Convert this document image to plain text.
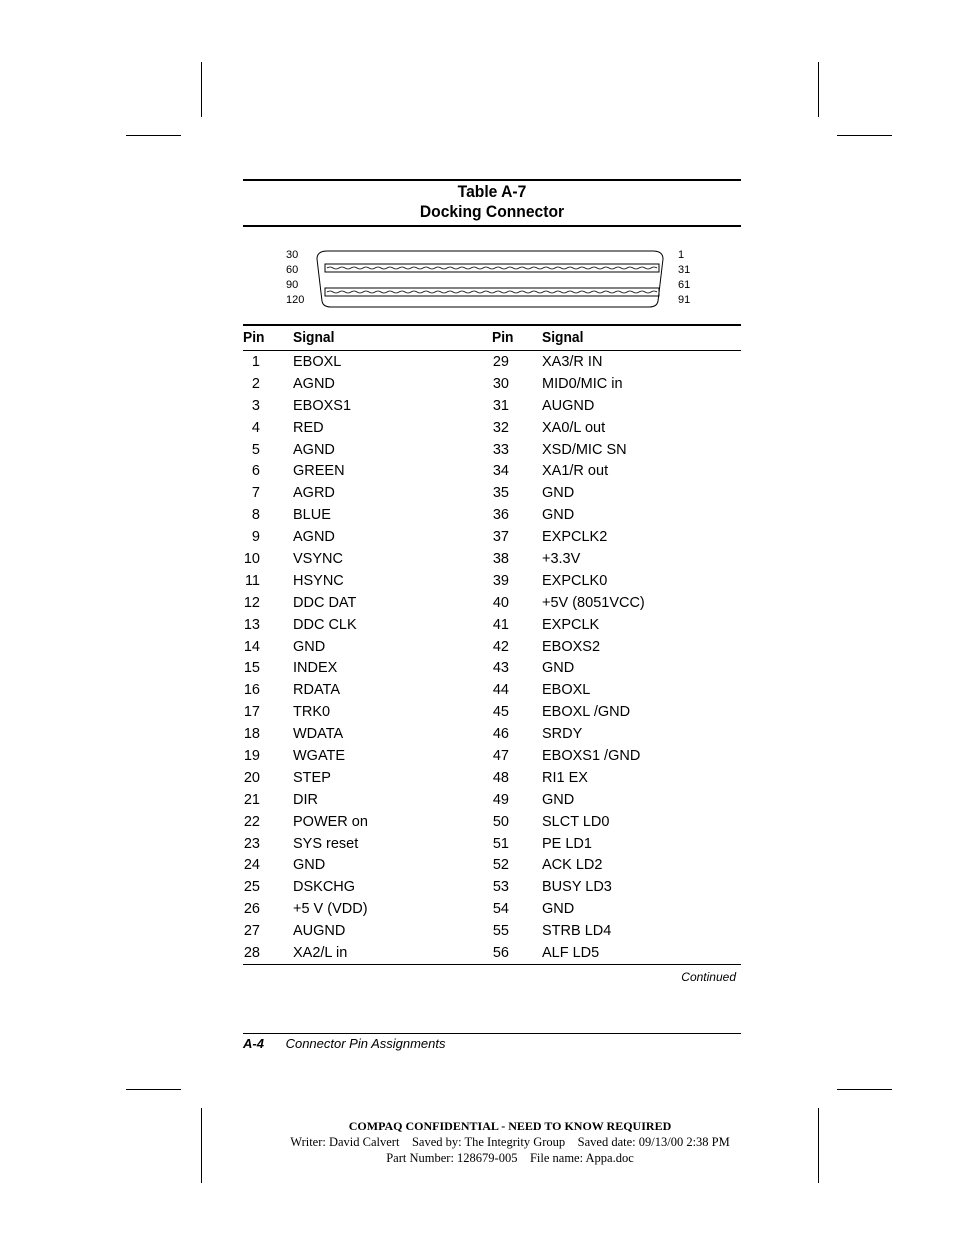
Table A-7
Docking Connector
30
60
90
120
1
31
61
91
Pin Signal	Pin Signal
1 EBOXL	29 XA3/R IN
2 AGND	30 MID0/MIC in
3 EBOXS1	31 AUGND
4 RED	32 XA0/L out
5 AGND	33 XSD/MIC SN
6 GREEN	34 XA1/R out
7 AGRD	35 GND
8 BLUE	36 GND
9 AGND	37 EXPCLK2
10 VSYNC	38 +3.3V
11 HSYNC	39 EXPCLK0
12 DDC DAT	40 +5V (8051VCC)
13 DDC CLK	41 EXPCLK
14 GND	42 EBOXS2
15 INDEX	43 GND
16 RDATA	44 EBOXL
17 TRK0	45 EBOXL /GND
18 WDATA	46 SRDY
19 WGATE	47 EBOXS1 /GND
20 STEP	48 RI1 EX
21 DIR	49 GND
22 POWER on	50 SLCT LD0
23 SYS reset	51 PE LD1
24 GND	52 ACK LD2
25 DSKCHG	53 BUSY LD3
26 +5 V (VDD)	54 GND
27 AUGND	55 STRB LD4
28 XA2/L in	56 ALF LD5
Continued
A-4 Connector Pin Assignments
COMPAQ CONFIDENTIAL - NEED TO KNOW REQUIRED
Writer: David Calvert    Saved by: The Integrity Group    Saved date: 09/13/00 2:38 PM
Part Number: 128679-005    File name: Appa.doc
